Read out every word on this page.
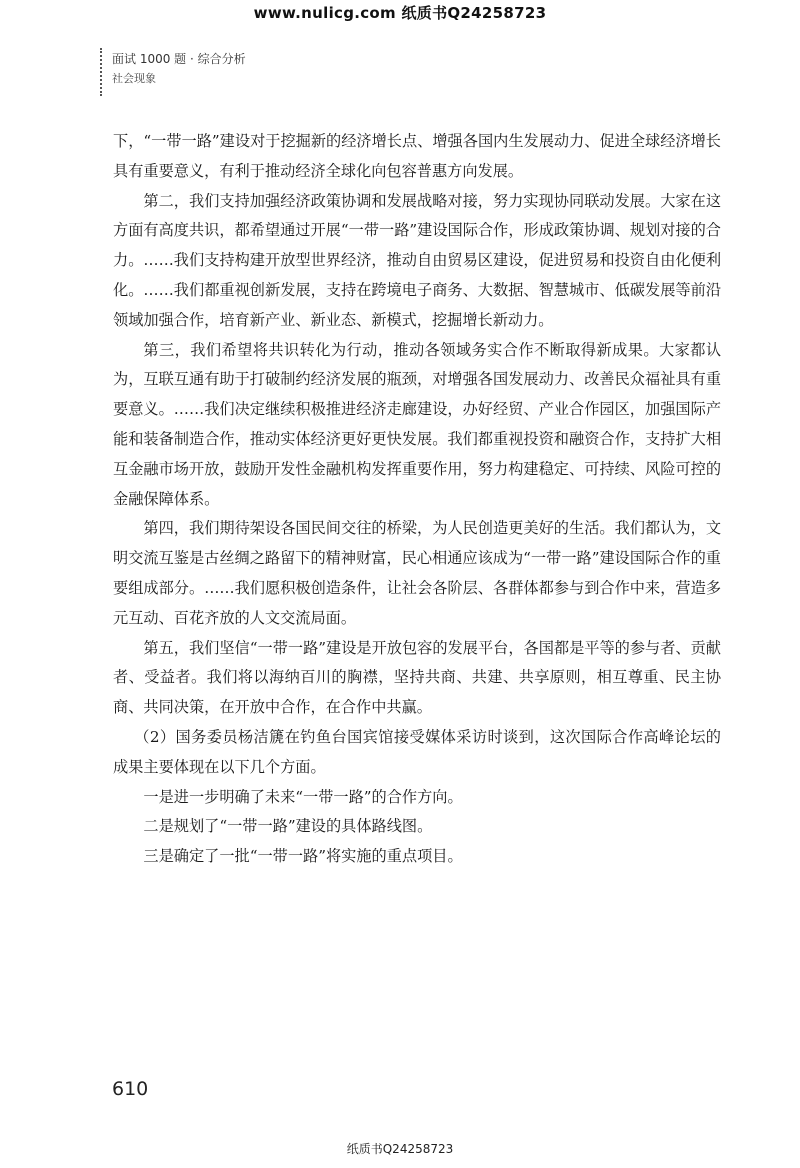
www.nulicg.com 纸质书Q24258723
面试 1000 题 · 综合分析
社会现象

下，“一带一路”建设对于挖掘新的经济增长点、增强各国内生发展动力、促进全球经济增长具有重要意义，有利于推动经济全球化向包容普惠方向发展。

第二，我们支持加强经济政策协调和发展战略对接，努力实现协同联动发展。大家在这方面有高度共识，都希望通过开展“一带一路”建设国际合作，形成政策协调、规划对接的合力。……我们支持构建开放型世界经济，推动自由贸易区建设，促进贸易和投资自由化便利化。……我们都重视创新发展，支持在跨境电子商务、大数据、智慧城市、低碳发展等前沿领域加强合作，培育新产业、新业态、新模式，挖掘增长新动力。

第三，我们希望将共识转化为行动，推动各领域务实合作不断取得新成果。大家都认为，互联互通有助于打破制约经济发展的瓶颈，对增强各国发展动力、改善民众福祉具有重要意义。……我们决定继续积极推进经济走廊建设，办好经贸、产业合作园区，加强国际产能和装备制造合作，推动实体经济更好更快发展。我们都重视投资和融资合作，支持扩大相互金融市场开放，鼓励开发性金融机构发挥重要作用，努力构建稳定、可持续、风险可控的金融保障体系。

第四，我们期待架设各国民间交往的桥梁，为人民创造更美好的生活。我们都认为，文明交流互鉴是古丝绸之路留下的精神财富，民心相通应该成为“一带一路”建设国际合作的重要组成部分。……我们愿积极创造条件，让社会各阶层、各群体都参与到合作中来，营造多元互动、百花齐放的人文交流局面。

第五，我们坚信“一带一路”建设是开放包容的发展平台，各国都是平等的参与者、贡献者、受益者。我们将以海纳百川的胸襟，坚持共商、共建、共享原则，相互尊重、民主协商、共同决策，在开放中合作，在合作中共赢。

（2）国务委员杨洁篪在钓鱼台国宾馆接受媒体采访时谈到，这次国际合作高峰论坛的成果主要体现在以下几个方面。

一是进一步明确了未来“一带一路”的合作方向。

二是规划了“一带一路”建设的具体路线图。

三是确定了一批“一带一路”将实施的重点项目。

610
纸质书Q24258723
